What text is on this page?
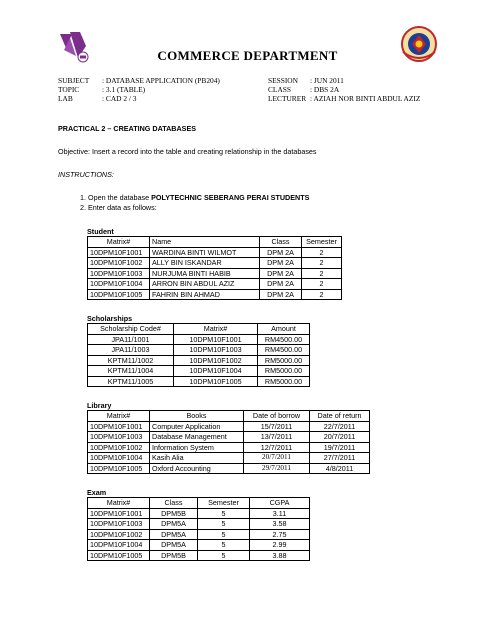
COMMERCE DEPARTMENT
SUBJECT : DATABASE APPLICATION (PB204)	SESSION : JUN 2011
TOPIC	: 3.1 (TABLE)	CLASS	: DBS 2A
LAB	: CAD 2 / 3	LECTURER : AZIAH NOR BINTI ABDUL AZIZ
PRACTICAL 2 – CREATING DATABASES
Objective: Insert a record into the table and creating relationship in the databases
INSTRUCTIONS:
1. Open the database POLYTECHNIC SEBERANG PERAI STUDENTS
2. Enter data as follows:
Student
Matrix#	Name	Class	Semester
10DPM10F1001	WARDINA BINTI WILMOT	DPM 2A	2
10DPM10F1002	ALLY BIN ISKANDAR	DPM 2A	2
10DPM10F1003	NURJUMA BINTI HABIB	DPM 2A	2
10DPM10F1004	ARRON BIN ABDUL AZIZ	DPM 2A	2
10DPM10F1005	FAHRIN BIN AHMAD	DPM 2A	2
Scholarships
Scholarship Code#	Matrix#	Amount
JPA11/1001	10DPM10F1001	RM4500.00
JPA11/1003	10DPM10F1003	RM4500.00
KPTM11/1002	10DPM10F1002	RM5000.00
KPTM11/1004	10DPM10F1004	RM5000.00
KPTM11/1005	10DPM10F1005	RM5000.00
Library
Matrix#	Books	Date of borrow	Date of return
10DPM10F1001	Computer Application	15/7/2011	22/7/2011
10DPM10F1003	Database Management	13/7/2011	20/7/2011
10DPM10F1002	Information System	12/7/2011	19/7/2011
10DPM10F1004	Kasih Alia	20/7/2011	27/7/2011
10DPM10F1005	Oxford Accounting	29/7/2011	4/8/2011
Exam
Matrix#	Class	Semester	CGPA
10DPM10F1001	DPM5B	5	3.11
10DPM10F1003	DPM5A	5	3.58
10DPM10F1002	DPM5A	5	2.75
10DPM10F1004	DPM5A	5	2.99
10DPM10F1005	DPM5B	5	3.88
